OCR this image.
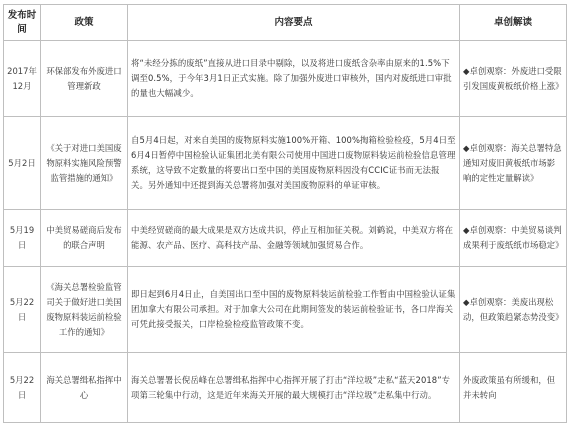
发布时间	政策	内容要点	卓创解读
2017年12月	环保部发布外废进口管理新政	将“未经分拣的废纸”直接从进口目录中剔除，以及将进口废纸含杂率由原来的1.5%下调至0.5%，于今年3月1日正式实施。除了加强外废进口审核外，国内对废纸进口审批的量也大幅减少。	◆卓创观察：外废进口受限引发国废黄板纸价格上涨》
5月2日	《关于对进口美国废物原料实施风险预警监管措施的通知》	自5月4日起，对来自美国的废物原料实施100%开箱、100%掏箱检验检疫，5月4日至6月4日暂停中国检验认证集团北美有限公司使用中国进口废物原料装运前检验信息管理系统，这导致不定数量的将要出口至中国的美国废物原料因没有CCIC证书而无法报关。另外通知中还提到海关总署将加强对美国废物原料的单证审核。	◆卓创观察：海关总署特急通知对废旧黄板纸市场影响的定性定量解读》
5月19日	中美贸易磋商后发布的联合声明	中美经贸磋商的最大成果是双方达成共识，停止互相加征关税。刘鹤说，中美双方将在能源、农产品、医疗、高科技产品、金融等领域加强贸易合作。	◆卓创观察：中美贸易谈判成果利于废纸纸市场稳定》
5月22日	《海关总署检验监管司关于做好进口美国废物原料装运前检验工作的通知》	即日起到6月4日止，自美国出口至中国的废物原料装运前检验工作暂由中国检验认证集团加拿大有限公司承担。对于加拿大公司在此期间签发的装运前检验证书，各口岸海关可凭此接受报关，口岸检验检疫监管政策不变。	◆卓创观察：美废出现松动，但政策趋紧态势没变》
5月22日	海关总署缉私指挥中心	海关总署署长倪岳峰在总署缉私指挥中心指挥开展了打击“洋垃圾”走私“蓝天2018”专项第三轮集中行动，这是近年来海关开展的最大规模打击“洋垃圾”走私集中行动。	外废政策虽有所缓和，但并未转向
